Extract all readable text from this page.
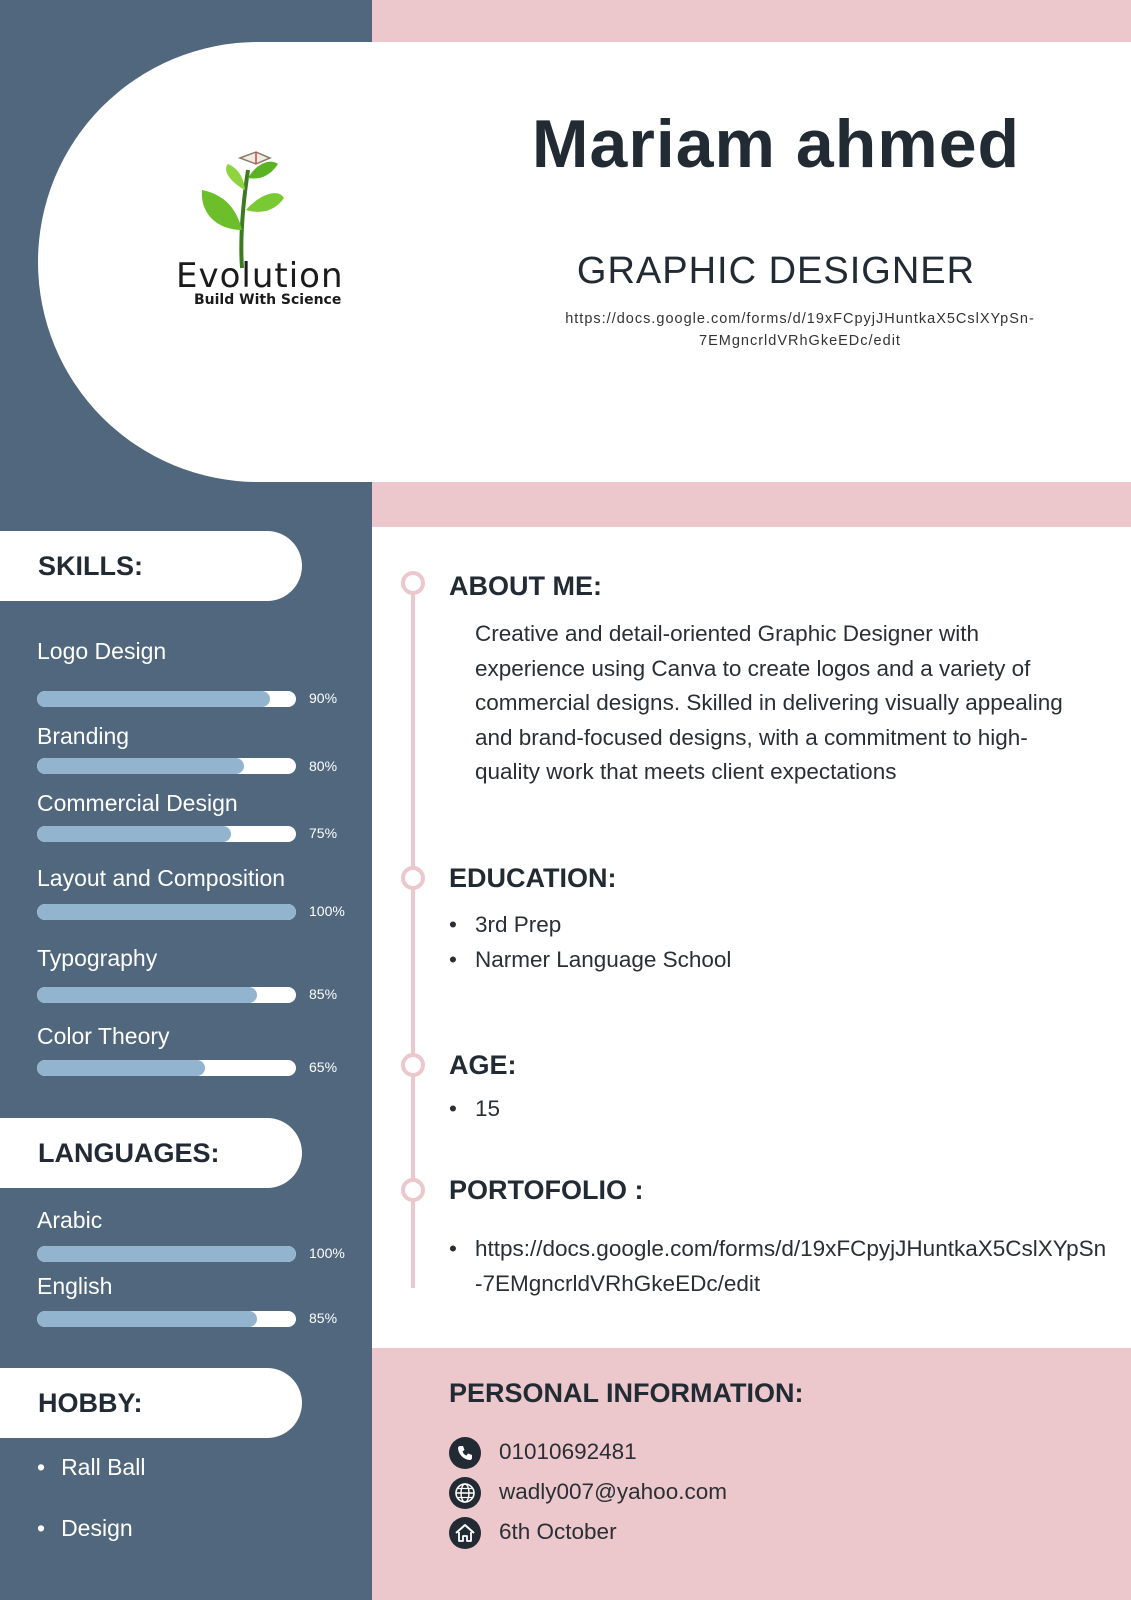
Evolution
Build With Science
Mariam ahmed
GRAPHIC DESIGNER
https://docs.google.com/forms/d/19xFCpyjJHuntkaX5CslXYpSn-
7EMgncrldVRhGkeEDc/edit
SKILLS:
Logo Design
90%
Branding
80%
Commercial Design
75%
Layout and Composition
100%
Typography
85%
Color Theory
65%
LANGUAGES:
Arabic
100%
English
85%
HOBBY:
• Rall Ball
• Design
ABOUT ME:
Creative and detail-oriented Graphic Designer with experience using Canva to create logos and a variety of commercial designs. Skilled in delivering visually appealing and brand-focused designs, with a commitment to high-quality work that meets client expectations
EDUCATION:
• 3rd Prep
• Narmer Language School
AGE:
• 15
PORTOFOLIO :
• https://docs.google.com/forms/d/19xFCpyjJHuntkaX5CslXYpSn-7EMgncrldVRhGkeEDc/edit
PERSONAL INFORMATION:
01010692481
wadly007@yahoo.com
6th October
